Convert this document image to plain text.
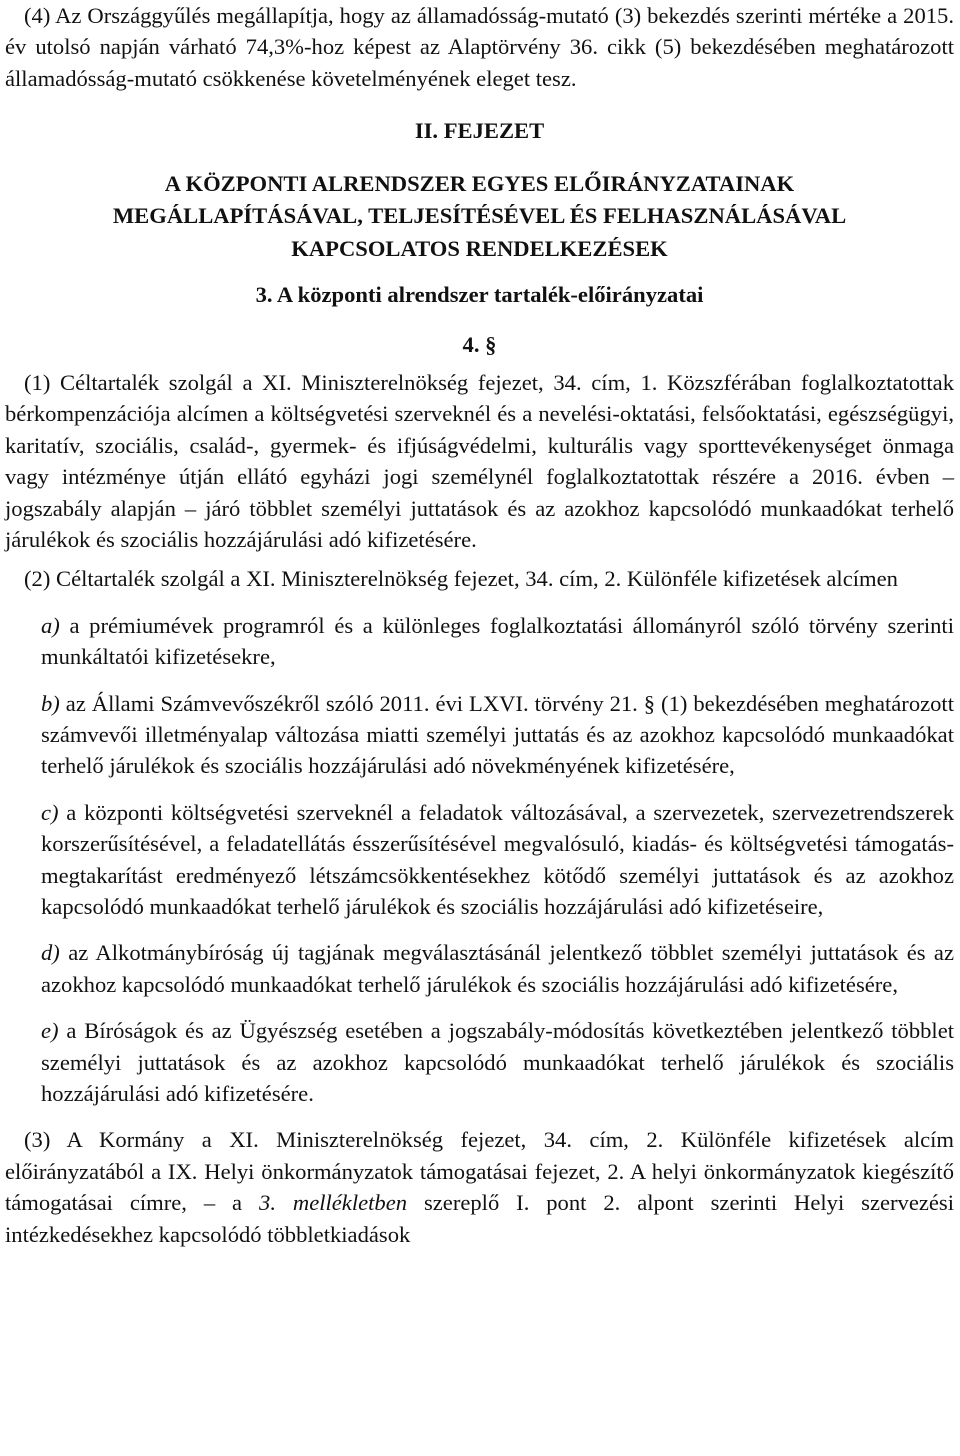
(4) Az Országgyűlés megállapítja, hogy az államadósság-mutató (3) bekezdés szerinti mértéke a 2015. év utolsó napján várható 74,3%-hoz képest az Alaptörvény 36. cikk (5) bekezdésében meghatározott államadósság-mutató csökkenése követelményének eleget tesz.

II. FEJEZET

A KÖZPONTI ALRENDSZER EGYES ELŐIRÁNYZATAINAK

MEGÁLLAPÍTÁSÁVAL, TELJESÍTÉSÉVEL ÉS FELHASZNÁLÁSÁVAL

KAPCSOLATOS RENDELKEZÉSEK

3. A központi alrendszer tartalék-előirányzatai

4. §

(1) Céltartalék szolgál a XI. Miniszterelnökség fejezet, 34. cím, 1. Közszférában foglalkoztatottak bérkompenzációja alcímen a költségvetési szerveknél és a nevelési-oktatási, felsőoktatási, egészségügyi, karitatív, szociális, család-, gyermek- és ifjúságvédelmi, kulturális vagy sporttevékenységet önmaga vagy intézménye útján ellátó egyházi jogi személynél foglalkoztatottak részére a 2016. évben – jogszabály alapján – járó többlet személyi juttatások és az azokhoz kapcsolódó munkaadókat terhelő járulékok és szociális hozzájárulási adó kifizetésére.

(2) Céltartalék szolgál a XI. Miniszterelnökség fejezet, 34. cím, 2. Különféle kifizetések alcímen

a) a prémiumévek programról és a különleges foglalkoztatási állományról szóló törvény szerinti munkáltatói kifizetésekre,

b) az Állami Számvevőszékről szóló 2011. évi LXVI. törvény 21. § (1) bekezdésében meghatározott számvevői illetményalap változása miatti személyi juttatás és az azokhoz kapcsolódó munkaadókat terhelő járulékok és szociális hozzájárulási adó növekményének kifizetésére,

c) a központi költségvetési szerveknél a feladatok változásával, a szervezetek, szervezetrendszerek korszerűsítésével, a feladatellátás ésszerűsítésével megvalósuló, kiadás- és költségvetési támogatás-megtakarítást eredményező létszámcsökkentésekhez kötődő személyi juttatások és az azokhoz kapcsolódó munkaadókat terhelő járulékok és szociális hozzájárulási adó kifizetéseire,

d) az Alkotmánybíróság új tagjának megválasztásánál jelentkező többlet személyi juttatások és az azokhoz kapcsolódó munkaadókat terhelő járulékok és szociális hozzájárulási adó kifizetésére,

e) a Bíróságok és az Ügyészség esetében a jogszabály-módosítás következtében jelentkező többlet személyi juttatások és az azokhoz kapcsolódó munkaadókat terhelő járulékok és szociális hozzájárulási adó kifizetésére.

(3) A Kormány a XI. Miniszterelnökség fejezet, 34. cím, 2. Különféle kifizetések alcím előirányzatából a IX. Helyi önkormányzatok támogatásai fejezet, 2. A helyi önkormányzatok kiegészítő támogatásai címre, – a 3. mellékletben szereplő I. pont 2. alpont szerinti Helyi szervezési intézkedésekhez kapcsolódó többletkiadások
